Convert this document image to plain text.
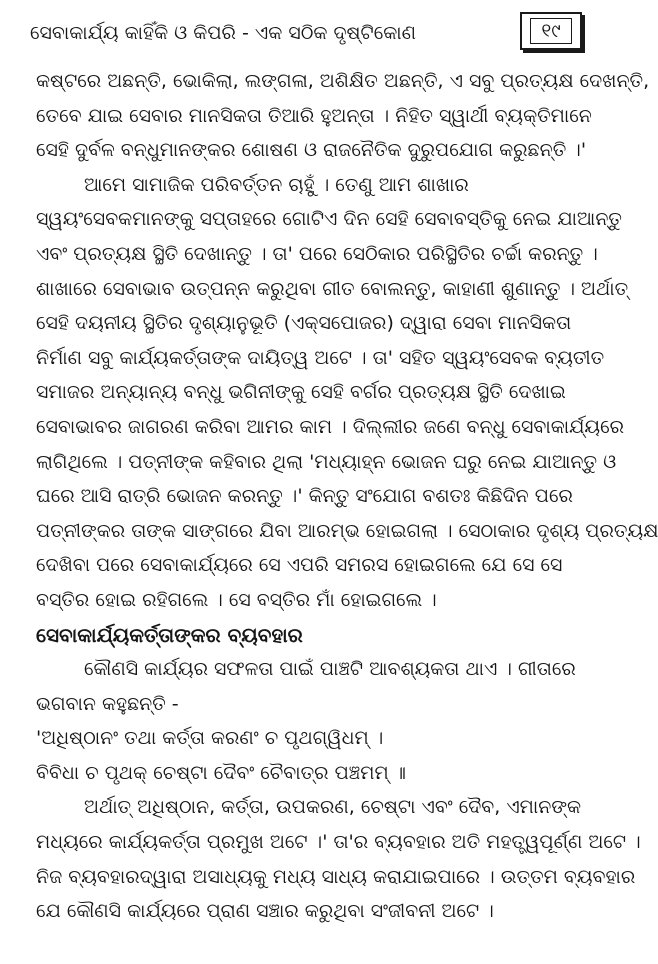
ସେବାକାର୍ଯ୍ୟ କାହିଁକି ଓ କିପରି - ଏକ ସଠିକ ଦୃଷ୍ଟିକୋଣ	୧୯
କଷ୍ଟରେ ଅଛନ୍ତି, ଭୋକିଲା, ଲଙ୍ଗଳା, ଅଶିକ୍ଷିତ ଅଛନ୍ତି, ଏ ସବୁ ପ୍ରତ୍ୟକ୍ଷ ଦେଖନ୍ତି,
ତେବେ ଯାଇ ସେବାର ମାନସିକତା ତିଆରି ହୁଅନ୍ତା । ନିହିତ ସ୍ୱାର୍ଥୀ ବ୍ୟକ୍ତିମାନେ
ସେହି ଦୁର୍ବଳ ବନ୍ଧୁମାନଙ୍କର ଶୋଷଣ ଓ ରାଜନୈତିକ ଦୁରୁପଯୋଗ କରୁଛନ୍ତି ।'
ଆମେ ସାମାଜିକ ପରିବର୍ତ୍ତନ ଚାହୁଁ । ତେଣୁ ଆମ ଶାଖାର
ସ୍ୱୟଂସେବକମାନଙ୍କୁ ସପ୍ତାହରେ ଗୋଟିଏ ଦିନ ସେହି ସେବାବସ୍ତିକୁ ନେଇ ଯାଆନ୍ତୁ
ଏବଂ ପ୍ରତ୍ୟକ୍ଷ ସ୍ଥିତି ଦେଖାନ୍ତୁ । ତା' ପରେ ସେଠିକାର ପରିସ୍ଥିତିର ଚର୍ଚ୍ଚା କରନ୍ତୁ ।
ଶାଖାରେ ସେବାଭାବ ଉତ୍ପନ୍ନ କରୁଥିବା ଗୀତ ବୋଲନ୍ତୁ, କାହାଣୀ ଶୁଣାନ୍ତୁ । ଅର୍ଥାତ୍
ସେହି ଦୟନୀୟ ସ୍ଥିତିର ଦୃଶ୍ୟାନୁଭୂତି (ଏକ୍ସପୋଜର) ଦ୍ୱାରା ସେବା ମାନସିକତା
ନିର୍ମାଣ ସବୁ କାର୍ଯ୍ୟକର୍ତ୍ତାଙ୍କ ଦାୟିତ୍ୱ ଅଟେ । ତା' ସହିତ ସ୍ୱୟଂସେବକ ବ୍ୟତୀତ
ସମାଜର ଅନ୍ୟାନ୍ୟ ବନ୍ଧୁ ଭଗିନୀଙ୍କୁ ସେହି ବର୍ଗର ପ୍ରତ୍ୟକ୍ଷ ସ୍ଥିତି ଦେଖାଇ
ସେବାଭାବର ଜାଗରଣ କରିବା ଆମର କାମ । ଦିଲ୍ଲୀର ଜଣେ ବନ୍ଧୁ ସେବାକାର୍ଯ୍ୟରେ
ଲାଗିଥିଲେ । ପତ୍ନୀଙ୍କ କହିବାର ଥିଲା 'ମଧ୍ୟାହ୍ନ ଭୋଜନ ଘରୁ ନେଇ ଯାଆନ୍ତୁ ଓ
ଘରେ ଆସି ରାତ୍ରି ଭୋଜନ କରନ୍ତୁ ।' କିନ୍ତୁ ସଂଯୋଗ ବଶତଃ କିଛିଦିନ ପରେ
ପତ୍ନୀଙ୍କର ତାଙ୍କ ସାଙ୍ଗରେ ଯିବା ଆରମ୍ଭ ହୋଇଗଲା । ସେଠାକାର ଦୃଶ୍ୟ ପ୍ରତ୍ୟକ୍ଷ
ଦେଖିବା ପରେ ସେବାକାର୍ଯ୍ୟରେ ସେ ଏପରି ସମରସ ହୋଇଗଲେ ଯେ ସେ ସେ
ବସ୍ତିର ହୋଇ ରହିଗଲେ । ସେ ବସ୍ତିର ମାଁ ହୋଇଗଲେ ।
ସେବାକାର୍ଯ୍ୟକର୍ତ୍ତାଙ୍କର ବ୍ୟବହାର
କୌଣସି କାର୍ଯ୍ୟର ସଫଳତା ପାଇଁ ପାଞ୍ଚଟି ଆବଶ୍ୟକତା ଥାଏ । ଗୀତାରେ
ଭଗବାନ କହୁଛନ୍ତି -
'ଅଧିଷ୍ଠାନଂ ତଥା କର୍ତ୍ତା କରଣଂ ଚ ପୃଥଗ୍ୱିଧମ୍ ।
ବିବିଧା ଚ ପୃଥକ୍ ଚେଷ୍ଟା ଦୈବଂ ଚୈବାତ୍ର ପଞ୍ଚମମ୍ ॥
ଅର୍ଥାତ୍ ଅଧିଷ୍ଠାନ, କର୍ତ୍ତା, ଉପକରଣ, ଚେଷ୍ଟା ଏବଂ ଦୈବ, ଏମାନଙ୍କ
ମଧ୍ୟରେ କାର୍ଯ୍ୟକର୍ତ୍ତା ପ୍ରମୁଖ ଅଟେ ।' ତା'ର ବ୍ୟବହାର ଅତି ମହତ୍ତ୍ୱପୂର୍ଣ୍ଣ ଅଟେ ।
ନିଜ ବ୍ୟବହାରଦ୍ୱାରା ଅସାଧ୍ୟକୁ ମଧ୍ୟ ସାଧ୍ୟ କରାଯାଇପାରେ । ଉତ୍ତମ ବ୍ୟବହାର
ଯେ କୌଣସି କାର୍ଯ୍ୟରେ ପ୍ରାଣ ସଞ୍ଚାର କରୁଥିବା ସଂଜୀବନୀ ଅଟେ ।
